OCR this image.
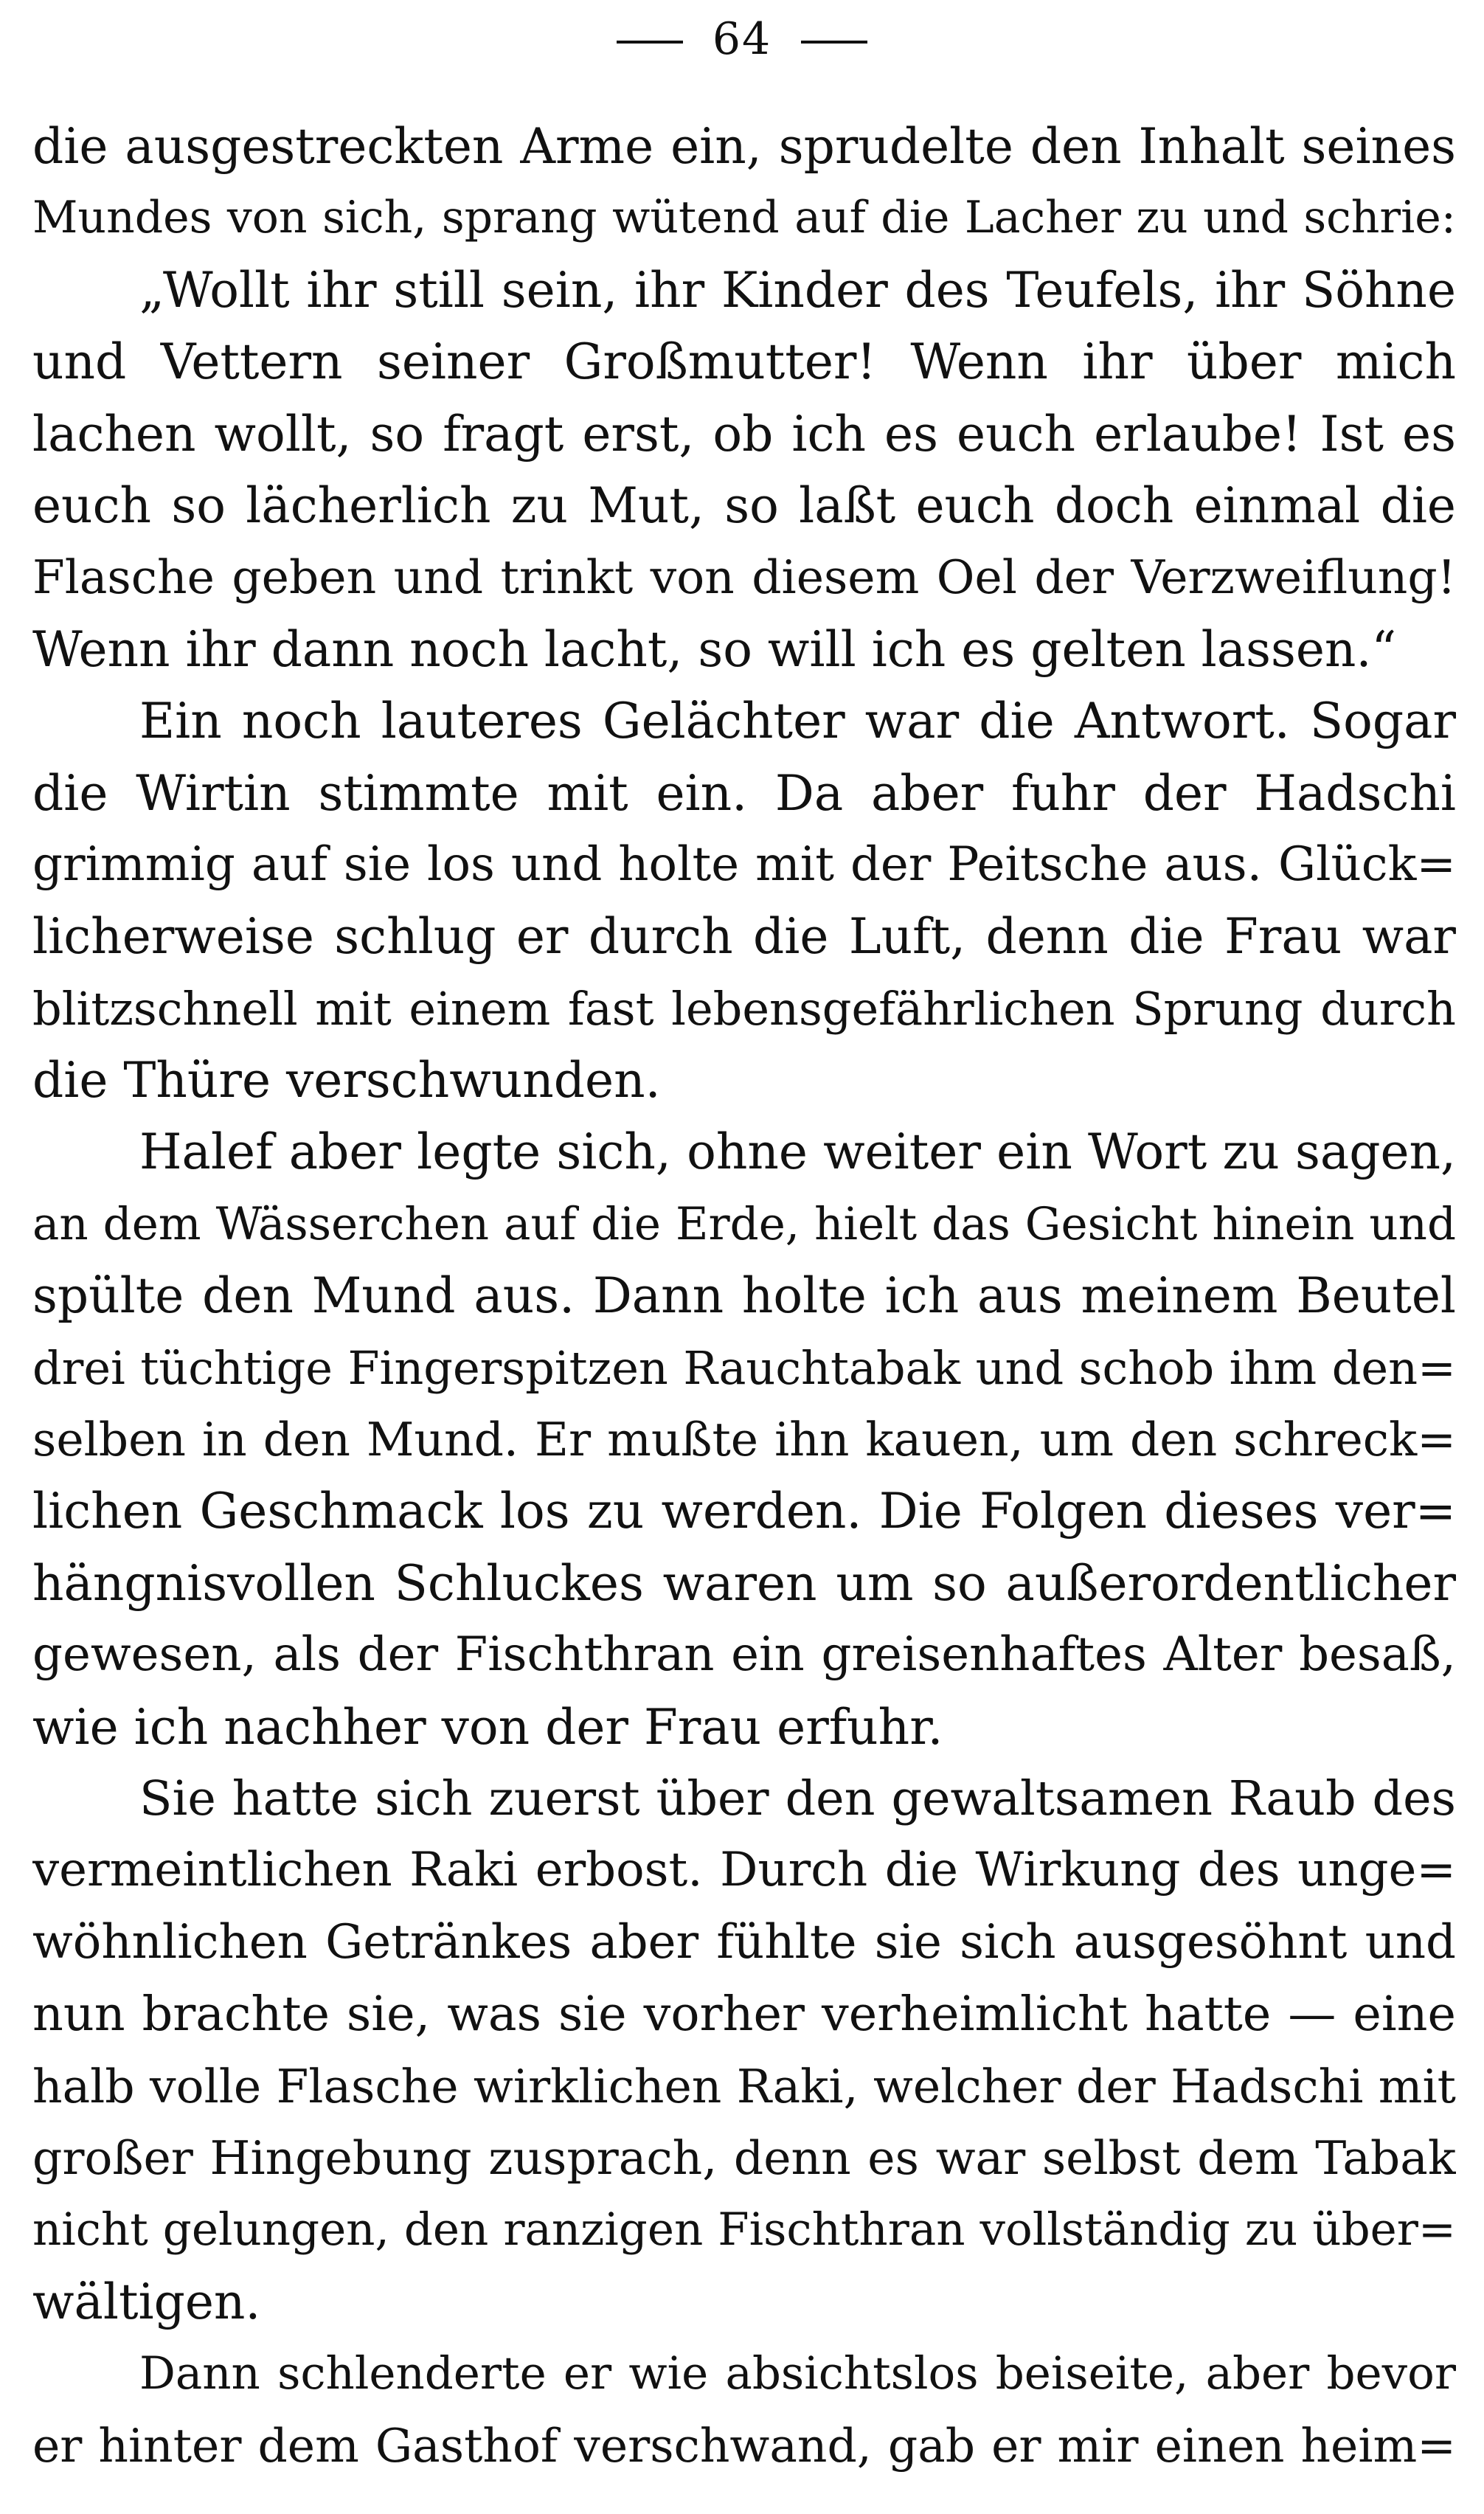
64
die ausgestreckten Arme ein, sprudelte den Inhalt seines
Mundes von sich, sprang wütend auf die Lacher zu und schrie:
„Wollt ihr still sein, ihr Kinder des Teufels, ihr Söhne
und Vettern seiner Großmutter! Wenn ihr über mich
lachen wollt, so fragt erst, ob ich es euch erlaube! Ist es
euch so lächerlich zu Mut, so laßt euch doch einmal die
Flasche geben und trinkt von diesem Oel der Verzweiflung!
Wenn ihr dann noch lacht, so will ich es gelten lassen.“
Ein noch lauteres Gelächter war die Antwort. Sogar
die Wirtin stimmte mit ein. Da aber fuhr der Hadschi
grimmig auf sie los und holte mit der Peitsche aus. Glück=
licherweise schlug er durch die Luft, denn die Frau war
blitzschnell mit einem fast lebensgefährlichen Sprung durch
die Thüre verschwunden.
Halef aber legte sich, ohne weiter ein Wort zu sagen,
an dem Wässerchen auf die Erde, hielt das Gesicht hinein und
spülte den Mund aus. Dann holte ich aus meinem Beutel
drei tüchtige Fingerspitzen Rauchtabak und schob ihm den=
selben in den Mund. Er mußte ihn kauen, um den schreck=
lichen Geschmack los zu werden. Die Folgen dieses ver=
hängnisvollen Schluckes waren um so außerordentlicher
gewesen, als der Fischthran ein greisenhaftes Alter besaß,
wie ich nachher von der Frau erfuhr.
Sie hatte sich zuerst über den gewaltsamen Raub des
vermeintlichen Raki erbost. Durch die Wirkung des unge=
wöhnlichen Getränkes aber fühlte sie sich ausgesöhnt und
nun brachte sie, was sie vorher verheimlicht hatte — eine
halb volle Flasche wirklichen Raki, welcher der Hadschi mit
großer Hingebung zusprach, denn es war selbst dem Tabak
nicht gelungen, den ranzigen Fischthran vollständig zu über=
wältigen.
Dann schlenderte er wie absichtslos beiseite, aber bevor
er hinter dem Gasthof verschwand, gab er mir einen heim=
